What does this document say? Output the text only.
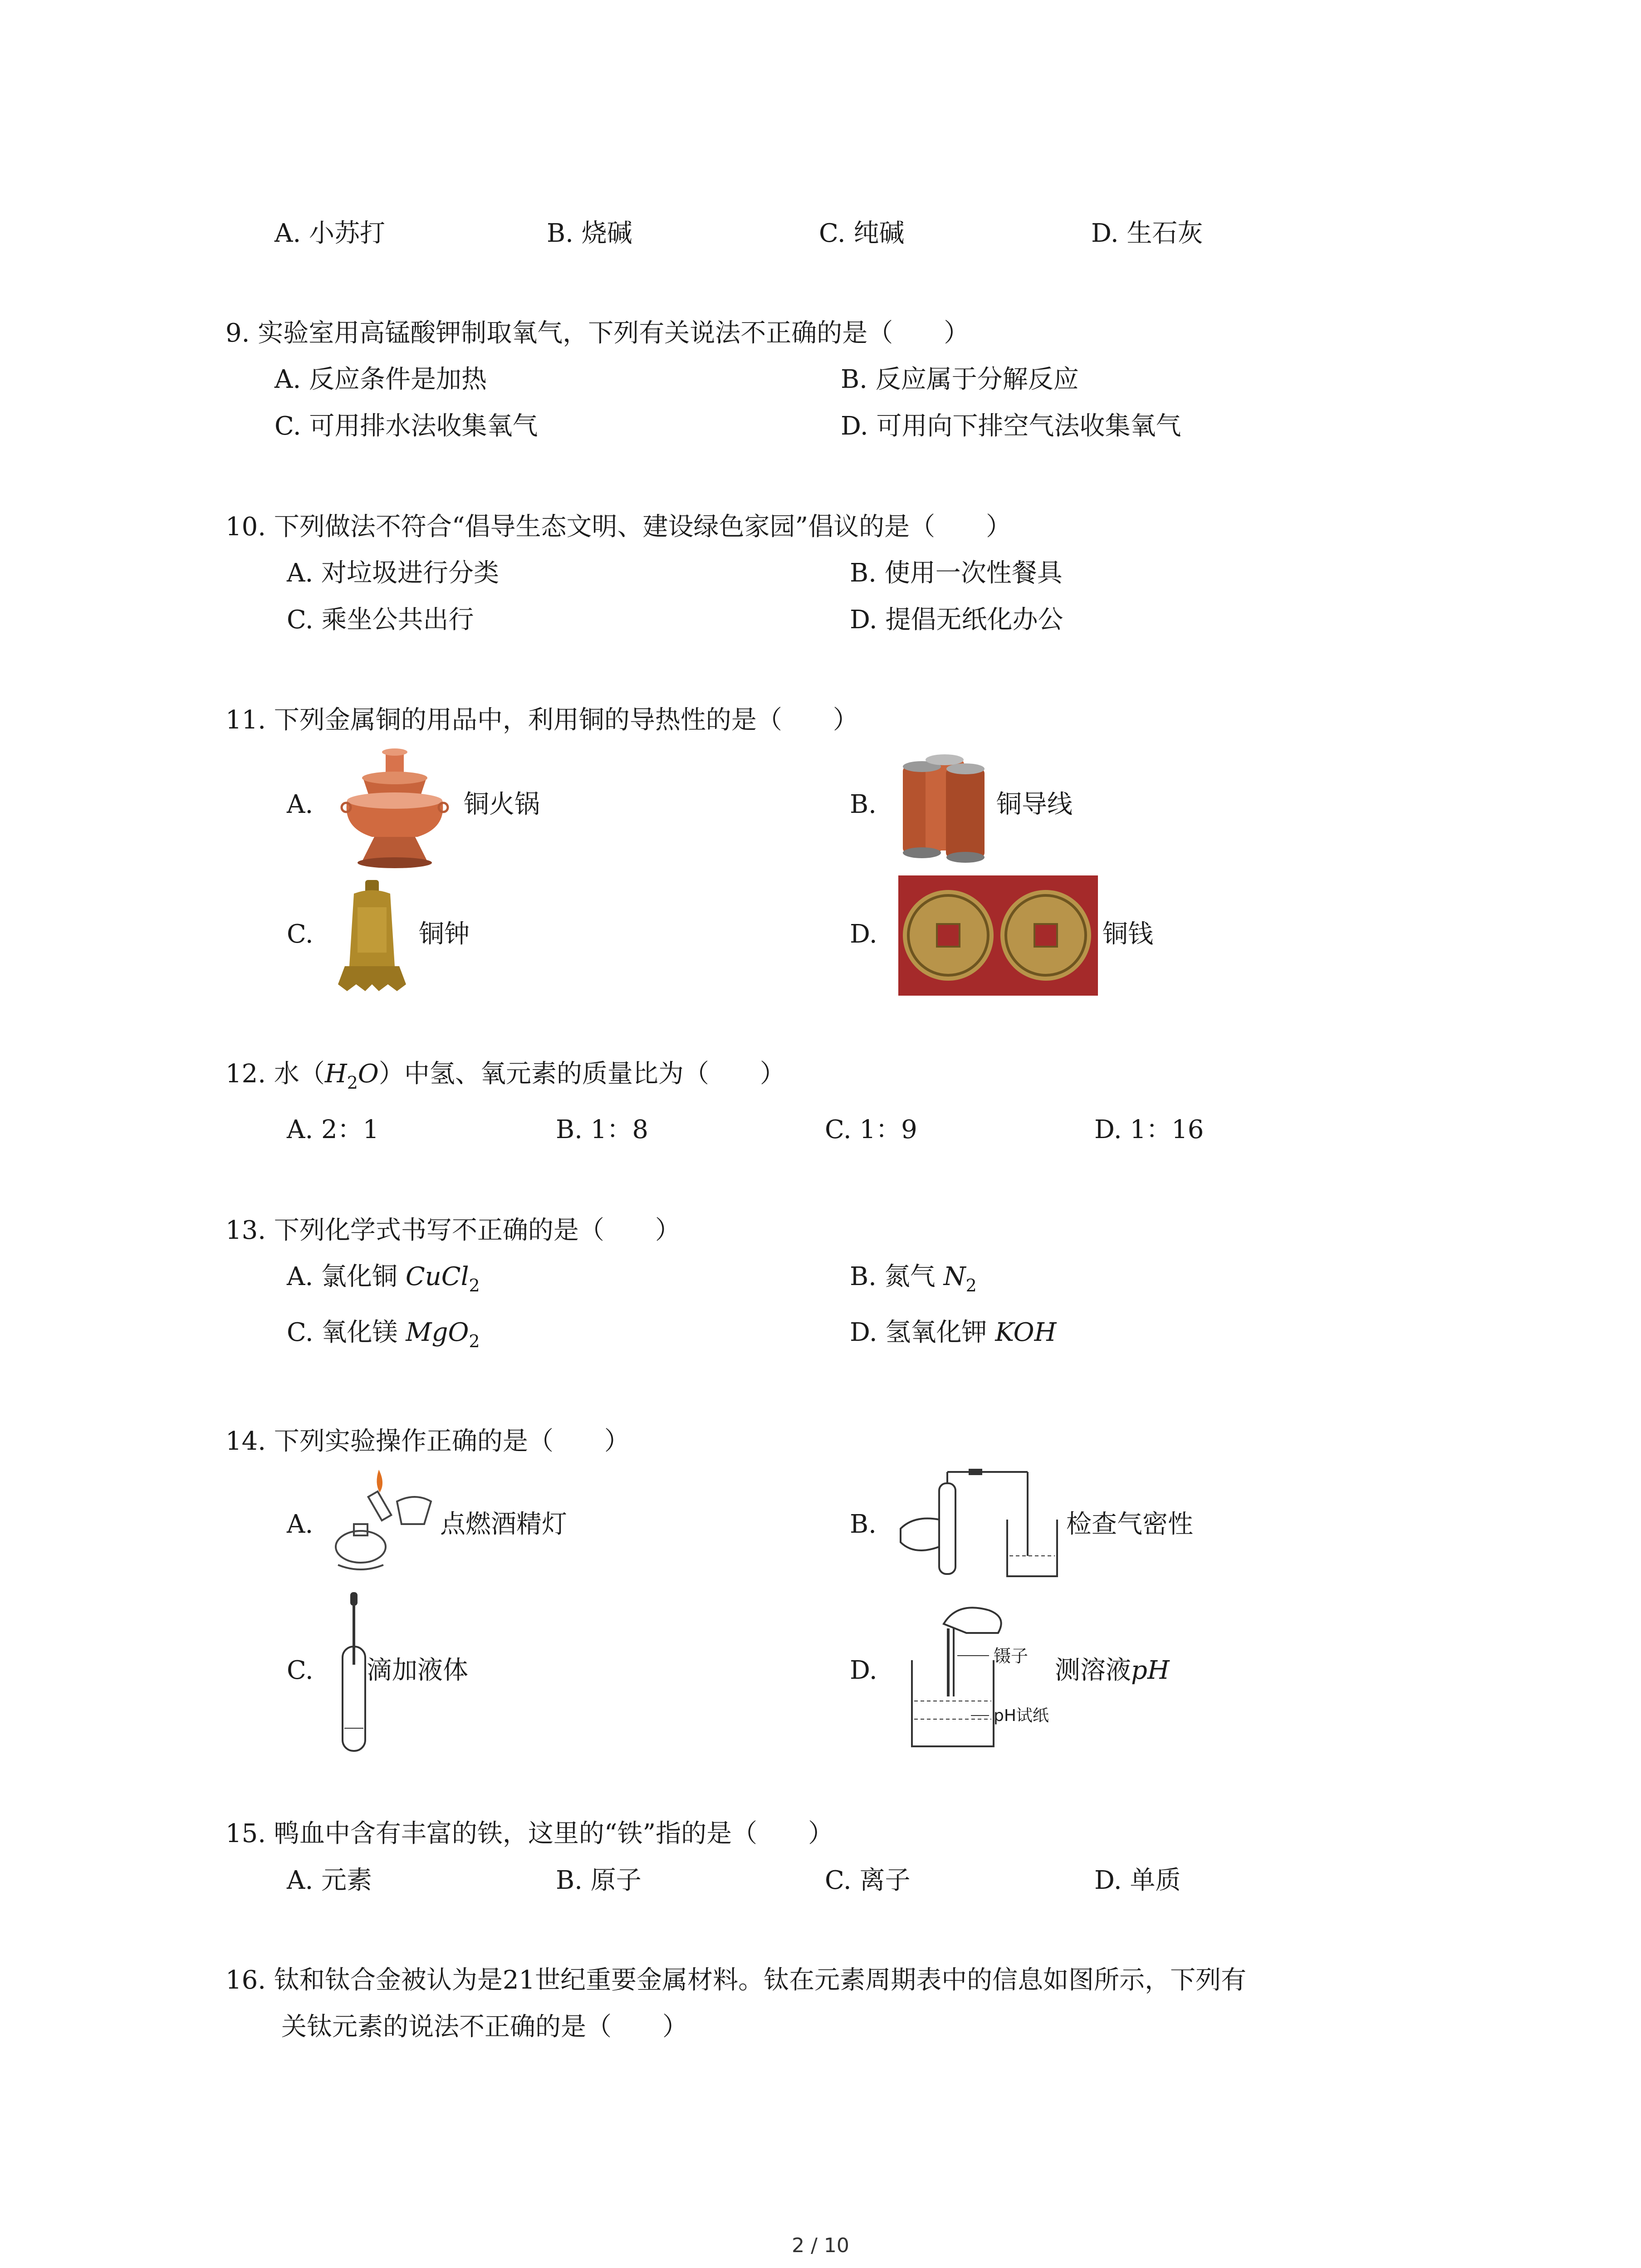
A. 小苏打	B. 烧碱	C. 纯碱	D. 生石灰
9. 实验室用高锰酸钾制取氧气，下列有关说法不正确的是（　　）
A. 反应条件是加热	B. 反应属于分解反应
C. 可用排水法收集氧气	D. 可用向下排空气法收集氧气
10. 下列做法不符合“倡导生态文明、建设绿色家园”倡议的是（　　）
A. 对垃圾进行分类	B. 使用一次性餐具
C. 乘坐公共出行	D. 提倡无纸化办公
11. 下列金属铜的用品中，利用铜的导热性的是（　　）
A.	铜火锅	B.	铜导线
C.	铜钟	D.	铜钱
12. 水$(H_2O)$中氢、氧元素的质量比为（　　）
A. 2：1	B. 1：8	C. 1：9	D. 1：16
13. 下列化学式书写不正确的是（　　）
A. 氯化铜 CuCl$_2$	B. 氮气 $N_2$
C. 氧化镁 MgO$_2$	D. 氢氧化钾 KOH
14. 下列实验操作正确的是（　　）
A.	点燃酒精灯	B.	检查气密性
C. 滴加液体	D.	镊子
pH试纸
测溶液pH
15. 鸭血中含有丰富的铁，这里的“铁”指的是（　　）
A. 元素	B. 原子	C. 离子	D. 单质
16. 钛和钛合金被认为是21世纪重要金属材料。钛在元素周期表中的信息如图所示，下列有
关钛元素的说法不正确的是（　　）
2 / 10
